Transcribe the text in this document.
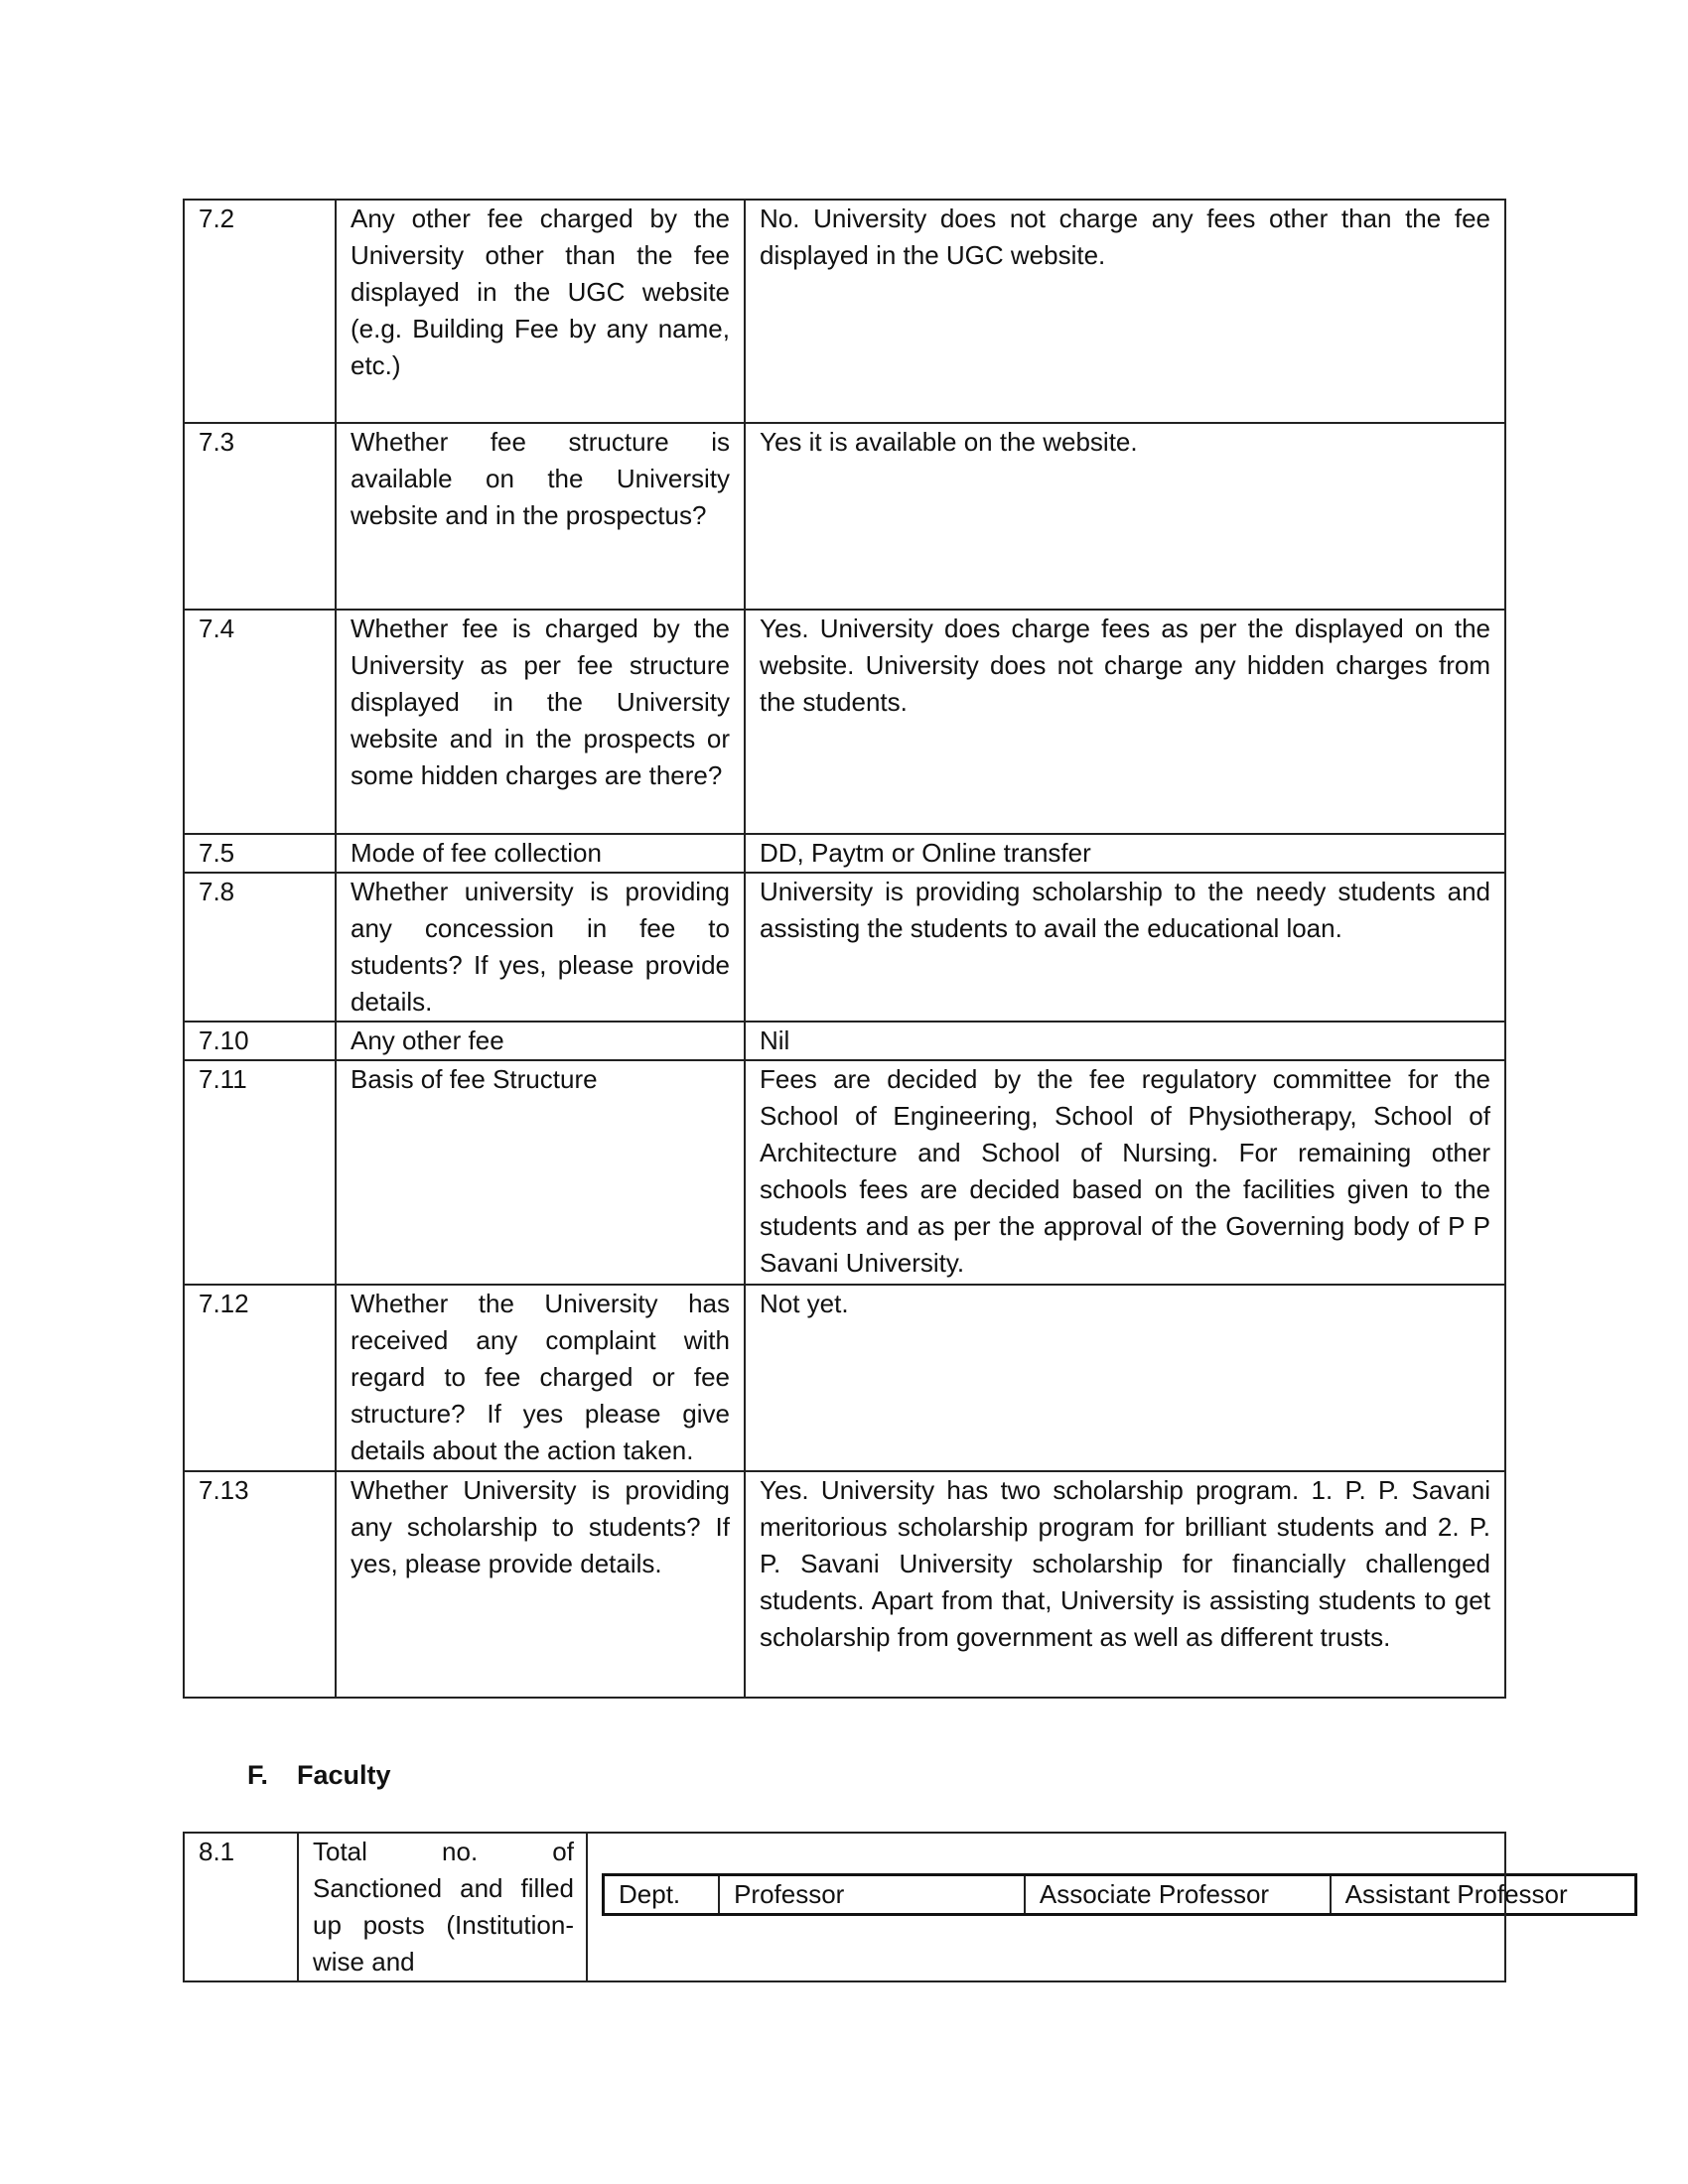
7.2	Any other fee charged by the University other than the fee displayed in the UGC website (e.g. Building Fee by any name, etc.)	No. University does not charge any fees other than the fee displayed in the UGC website.
7.3	Whether fee structure is available on the University website and in the prospectus?	Yes it is available on the website.
7.4	Whether fee is charged by the University as per fee structure displayed in the University website and in the prospects or some hidden charges are there?	Yes. University does charge fees as per the displayed on the website. University does not charge any hidden charges from the students.
7.5	Mode of fee collection	DD, Paytm or Online transfer
7.8	Whether university is providing any concession in fee to students? If yes, please provide details.	University is providing scholarship to the needy students and assisting the students to avail the educational loan.
7.10	Any other fee	Nil
7.11	Basis of fee Structure	Fees are decided by the fee regulatory committee for the School of Engineering, School of Physiotherapy, School of Architecture and School of Nursing. For remaining other schools fees are decided based on the facilities given to the students and as per the approval of the Governing body of P P Savani University.
7.12	Whether the University has received any complaint with regard to fee charged or fee structure? If yes please give details about the action taken.	Not yet.
7.13	Whether University is providing any scholarship to students? If yes, please provide details.	Yes. University has two scholarship program. 1. P. P. Savani meritorious scholarship program for brilliant students and 2. P. P. Savani University scholarship for financially challenged students. Apart from that, University is assisting students to get scholarship from government as well as different trusts.
F. Faculty
8.1	Total no. of Sanctioned and filled up posts (Institution-wise and	
Dept.	Professor	Associate Professor	Assistant Professor
